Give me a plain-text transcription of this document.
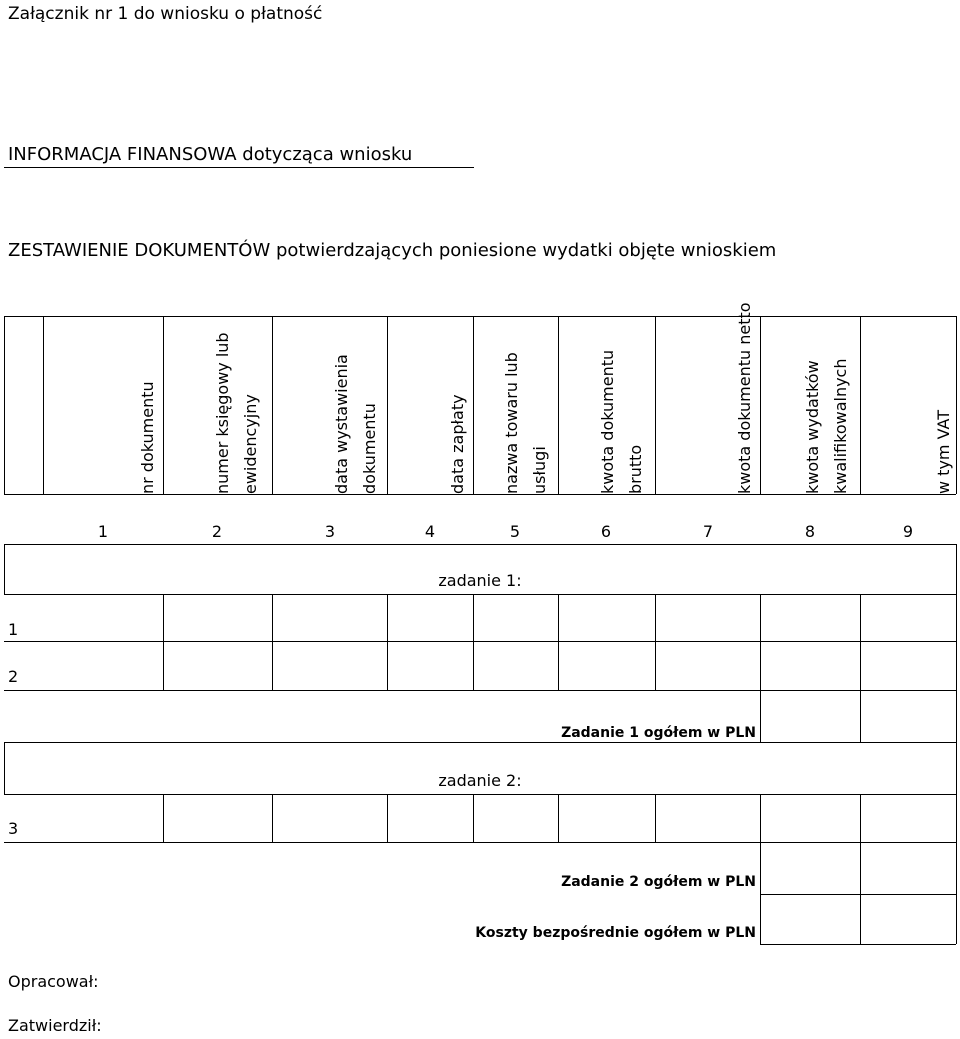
Załącznik nr 1 do wniosku o płatność
INFORMACJA FINANSOWA dotycząca wniosku
ZESTAWIENIE DOKUMENTÓW potwierdzających poniesione wydatki objęte wnioskiem
nr dokumentu	numer księgowy lub ewidencyjny	data wystawienia dokumentu	data zapłaty	nazwa towaru lub usługi	kwota dokumentu brutto	kwota dokumentu netto	kwota wydatków kwalifikowalnych	w tym VAT
1	2	3	4	5	6	7	8	9
zadanie 1:
1
2
Zadanie 1 ogółem w PLN
zadanie 2:
3
Zadanie 2 ogółem w PLN
Koszty bezpośrednie ogółem w PLN
Opracował:
Zatwierdził:
